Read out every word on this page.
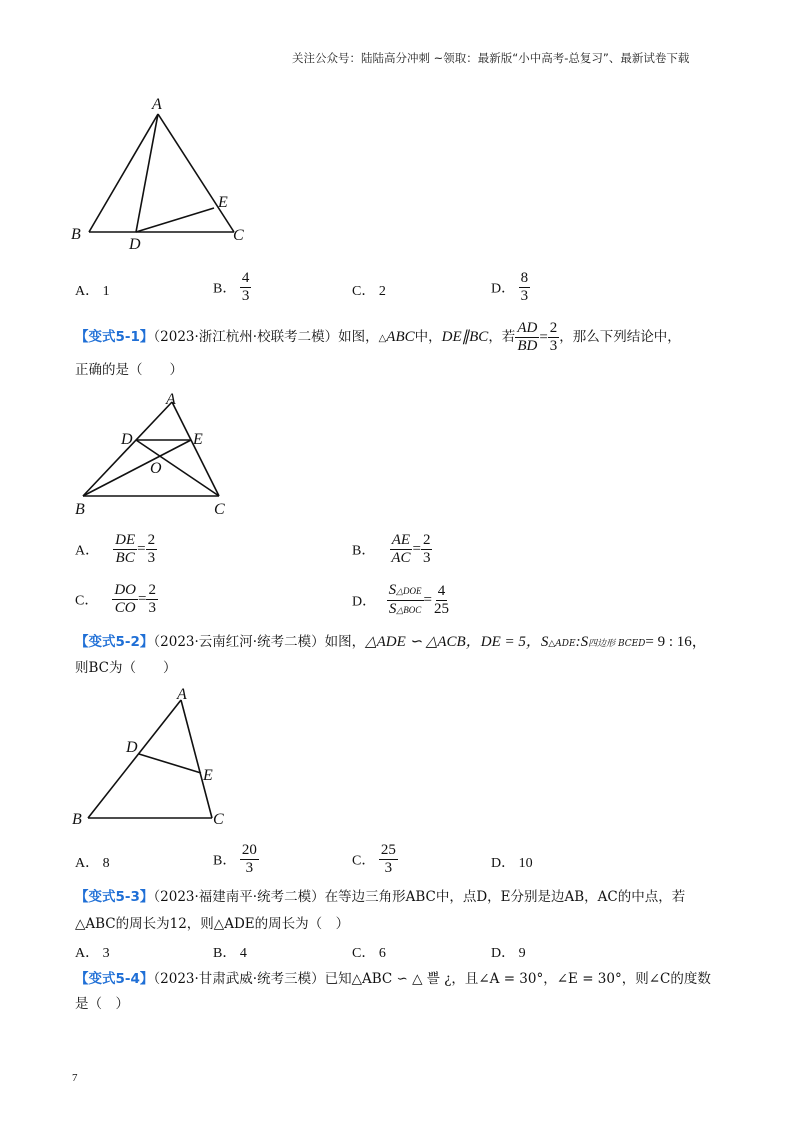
关注公众号：陆陆高分冲刺 ~领取：最新版“小中高考-总复习”、最新试卷下载
A
B	C
D
E
A． 1	B． $\frac{4}{3}$	C． 2	D． $\frac{8}{3}$
【变式5-1】（2023·浙江杭州·校联考二模）如图，△ABC中，DE∥BC，若 $\frac{AD}{BD} = \frac{2}{3}$ ，那么下列结论中，
正确的是（　　）
A
B	C
D	E
O
A． $\frac{DE}{BC} = \frac{2}{3}$	B． $\frac{AE}{AC} = \frac{2}{3}$
C． $\frac{DO}{CO} = \frac{2}{3}$	D． $\frac{\text{S△DOE}}{\text{S△BOC}} = \frac{4}{25}$
【变式5-2】（2023·云南红河·统考二模）如图，△ADE ∽ △ACB，DE = 5，S△ADE:S四边形 BCED= 9 : 16，
则BC为（　　）
A
B	C
D
E
A． 8	B． $\frac{20}{3}$	C． $\frac{25}{3}$	D． 10
【变式5-3】（2023·福建南平·统考二模）在等边三角形ABC中，点D，E分别是边AB，AC的中点，若
△ABC的周长为12，则△ADE的周长为（　）
A． 3	B． 4	C． 6	D． 9
【变式5-4】（2023·甘肃武威·统考三模）已知△ABC ∽ △ 쁠 ¿，且∠A = 30°，∠E = 30°，则∠C的度数
是（　）
7
